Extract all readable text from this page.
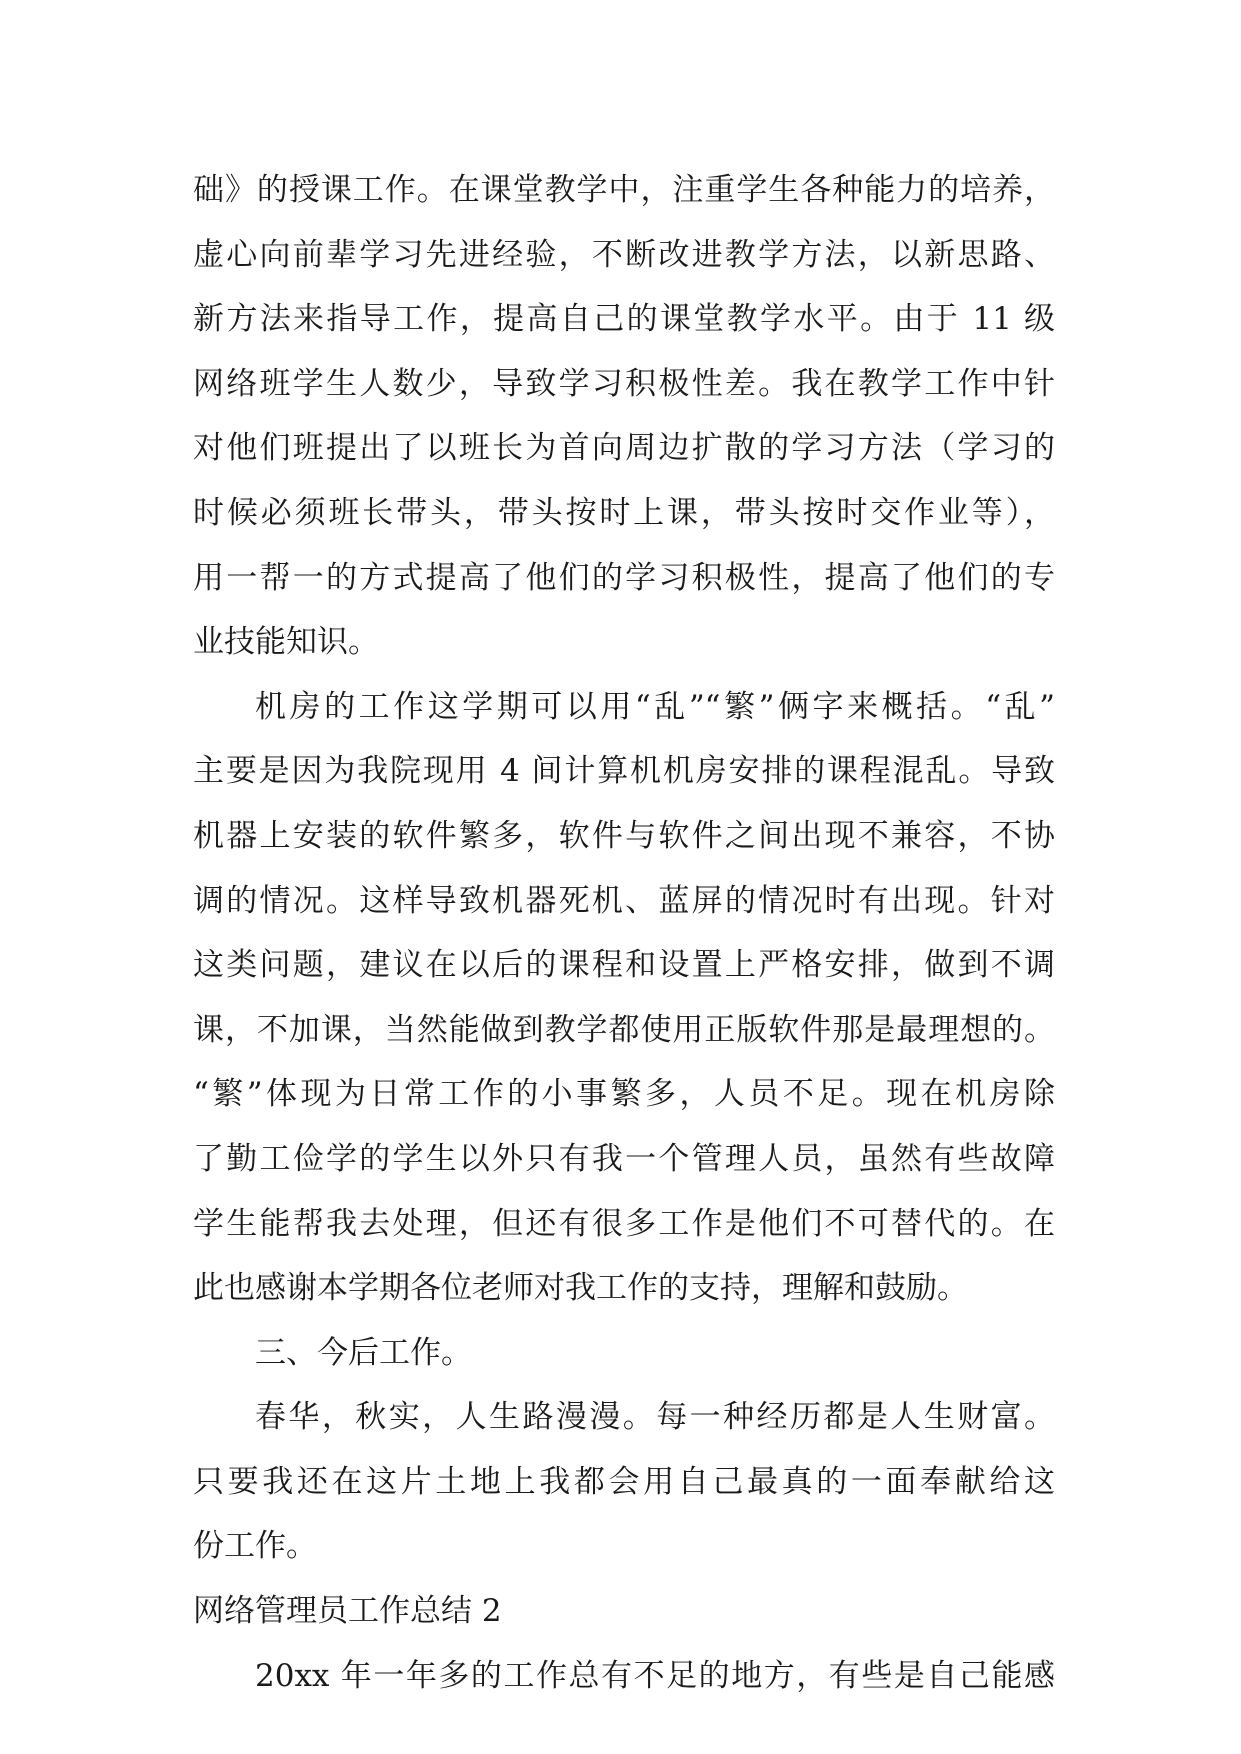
础》的授课工作。在课堂教学中，注重学生各种能力的培养，
虚心向前辈学习先进经验，不断改进教学方法，以新思路、
新方法来指导工作，提高自己的课堂教学水平。由于 11 级
网络班学生人数少，导致学习积极性差。我在教学工作中针
对他们班提出了以班长为首向周边扩散的学习方法（学习的
时候必须班长带头，带头按时上课，带头按时交作业等），
用一帮一的方式提高了他们的学习积极性，提高了他们的专
业技能知识。
机房的工作这学期可以用“乱”“繁”俩字来概括。“乱”
主要是因为我院现用 4 间计算机机房安排的课程混乱。导致
机器上安装的软件繁多，软件与软件之间出现不兼容，不协
调的情况。这样导致机器死机、蓝屏的情况时有出现。针对
这类问题，建议在以后的课程和设置上严格安排，做到不调
课，不加课，当然能做到教学都使用正版软件那是最理想的。
“繁”体现为日常工作的小事繁多，人员不足。现在机房除
了勤工俭学的学生以外只有我一个管理人员，虽然有些故障
学生能帮我去处理，但还有很多工作是他们不可替代的。在
此也感谢本学期各位老师对我工作的支持，理解和鼓励。
三、今后工作。
春华，秋实，人生路漫漫。每一种经历都是人生财富。
只要我还在这片土地上我都会用自己最真的一面奉献给这
份工作。
网络管理员工作总结 2
20xx 年一年多的工作总有不足的地方，有些是自己能感
